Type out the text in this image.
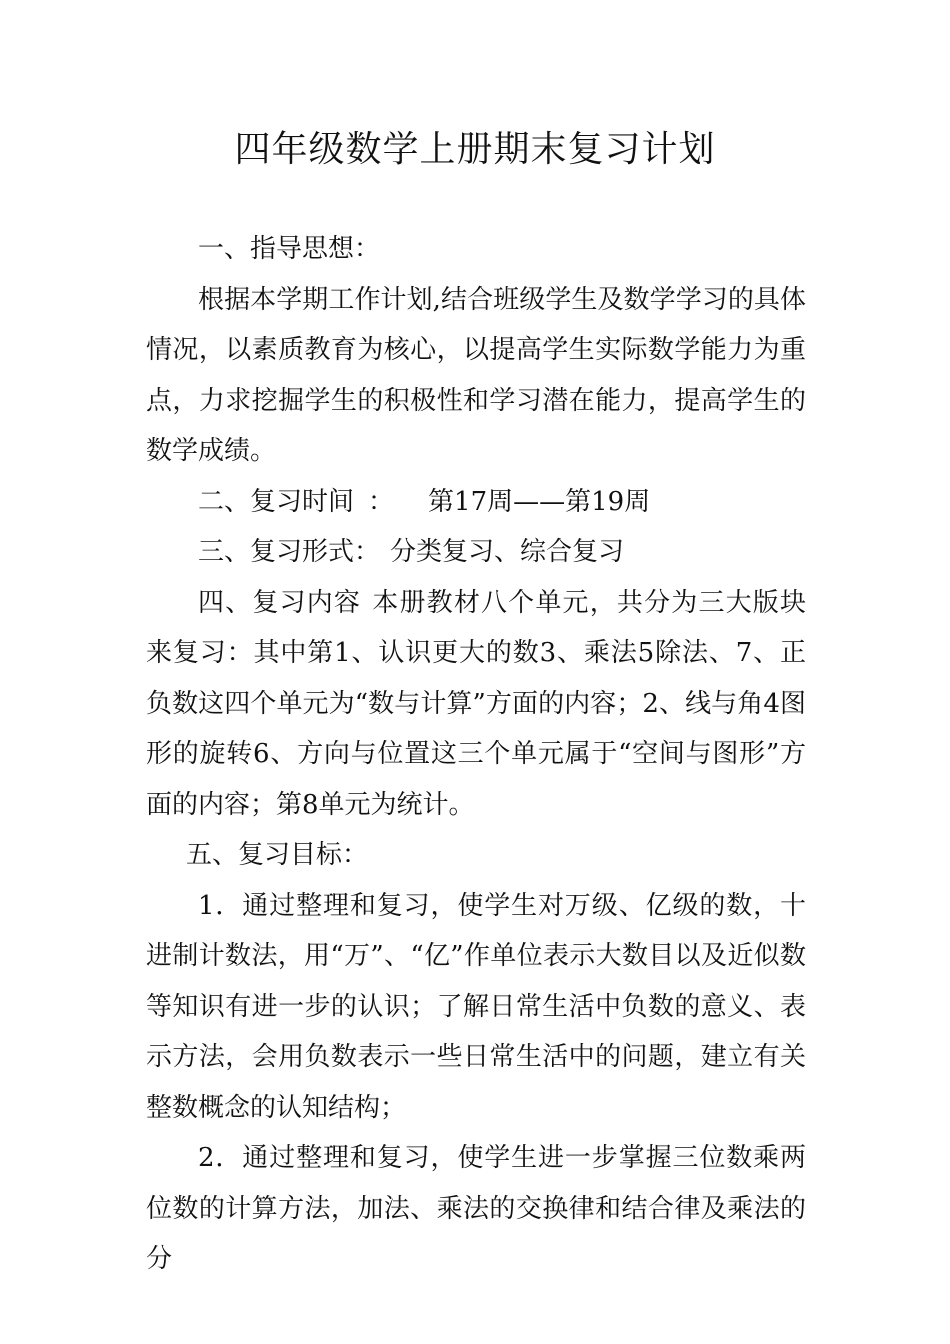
四年级数学上册期末复习计划

一、指导思想：

根据本学期工作计划,结合班级学生及数学学习的具体情况，以素质教育为核心，以提高学生实际数学能力为重点，力求挖掘学生的积极性和学习潜在能力，提高学生的数学成绩。

二、复习时间 ： 第17周——第19周

三、复习形式： 分类复习、综合复习

四、复习内容 本册教材八个单元，共分为三大版块来复习：其中第1、认识更大的数3、乘法5除法、7、正负数这四个单元为“数与计算”方面的内容；2、线与角4图形的旋转6、方向与位置这三个单元属于“空间与图形”方面的内容；第8单元为统计。

五、复习目标：

1．通过整理和复习，使学生对万级、亿级的数，十进制计数法，用“万”、“亿”作单位表示大数目以及近似数等知识有进一步的认识；了解日常生活中负数的意义、表示方法，会用负数表示一些日常生活中的问题，建立有关整数概念的认知结构；

2．通过整理和复习，使学生进一步掌握三位数乘两位数的计算方法，加法、乘法的交换律和结合律及乘法的分
